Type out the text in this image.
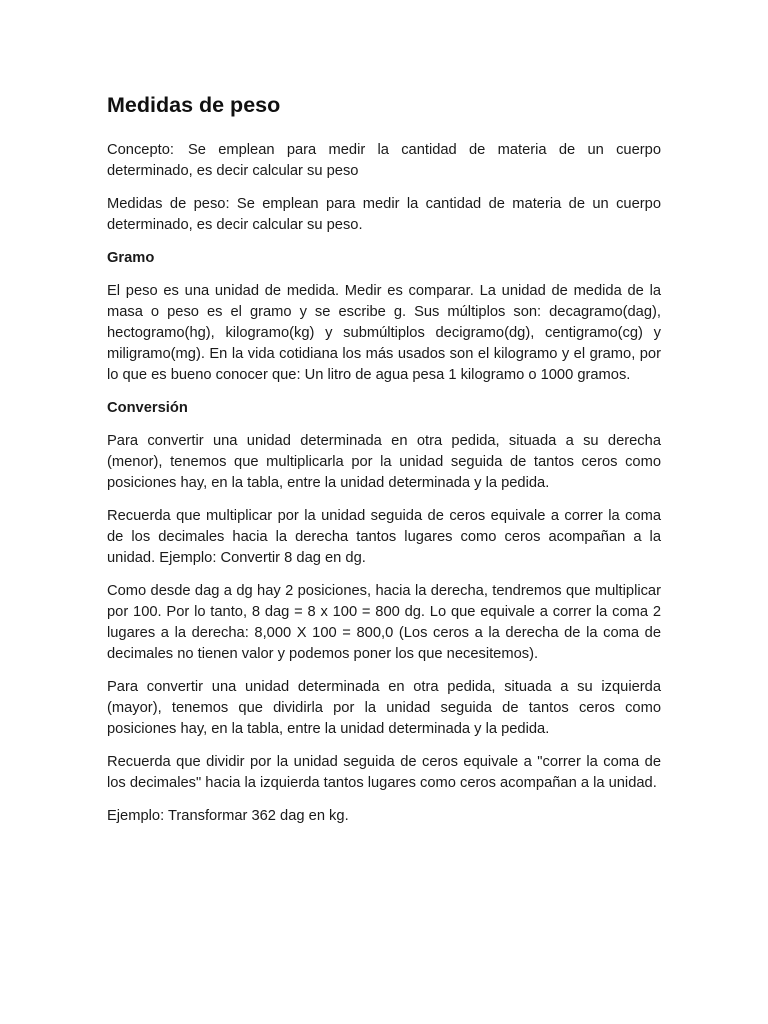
Medidas de peso

Concepto: Se emplean para medir la cantidad de materia de un cuerpo determinado, es decir calcular su peso

Medidas de peso: Se emplean para medir la cantidad de materia de un cuerpo determinado, es decir calcular su peso.

Gramo

El peso es una unidad de medida. Medir es comparar. La unidad de medida de la masa o peso es el gramo y se escribe g. Sus múltiplos son: decagramo(dag), hectogramo(hg), kilogramo(kg) y submúltiplos decigramo(dg), centigramo(cg) y miligramo(mg). En la vida cotidiana los más usados son el kilogramo y el gramo, por lo que es bueno conocer que: Un litro de agua pesa 1 kilogramo o 1000 gramos.

Conversión

Para convertir una unidad determinada en otra pedida, situada a su derecha (menor), tenemos que multiplicarla por la unidad seguida de tantos ceros como posiciones hay, en la tabla, entre la unidad determinada y la pedida.

Recuerda que multiplicar por la unidad seguida de ceros equivale a correr la coma de los decimales hacia la derecha tantos lugares como ceros acompañan a la unidad. Ejemplo: Convertir 8 dag en dg.

Como desde dag a dg hay 2 posiciones, hacia la derecha, tendremos que multiplicar por 100. Por lo tanto, 8 dag = 8 x 100 = 800 dg. Lo que equivale a correr la coma 2 lugares a la derecha: 8,000 X 100 = 800,0 (Los ceros a la derecha de la coma de decimales no tienen valor y podemos poner los que necesitemos).

Para convertir una unidad determinada en otra pedida, situada a su izquierda (mayor), tenemos que dividirla por la unidad seguida de tantos ceros como posiciones hay, en la tabla, entre la unidad determinada y la pedida.

Recuerda que dividir por la unidad seguida de ceros equivale a "correr la coma de los decimales" hacia la izquierda tantos lugares como ceros acompañan a la unidad.

Ejemplo: Transformar 362 dag en kg.
